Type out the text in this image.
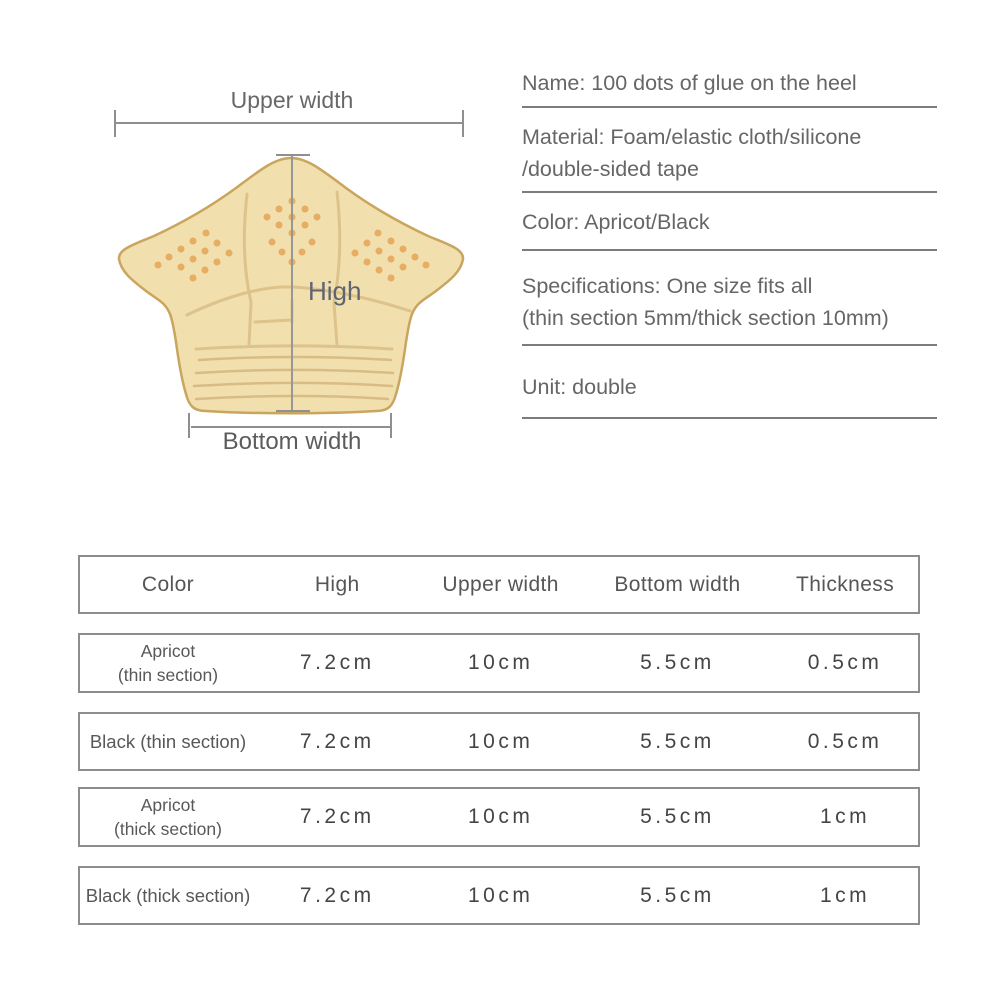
Upper width
High
Bottom width
Name: 100 dots of glue on the heel
Material: Foam/elastic cloth/silicone
/double-sided tape
Color: Apricot/Black
Specifications: One size fits all
(thin section 5mm/thick section 10mm)
Unit: double
Color	High	Upper width	Bottom width	Thickness
Apricot
(thin section)
7.2cm	10cm	5.5cm	0.5cm
Black (thin section)	7.2cm	10cm	5.5cm	0.5cm
Apricot
(thick section)
7.2cm	10cm	5.5cm	1cm
Black (thick section)	7.2cm	10cm	5.5cm	1cm
